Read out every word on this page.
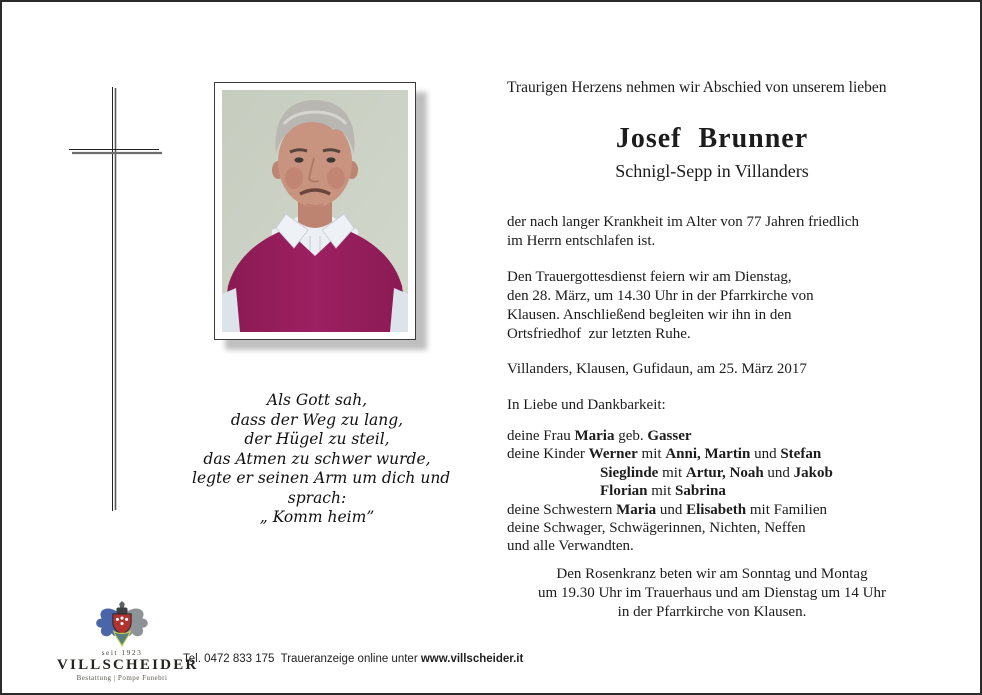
Als Gott sah,
dass der Weg zu lang,
der Hügel zu steil,
das Atmen zu schwer wurde,
legte er seinen Arm um dich und
sprach:
„ Komm heim”
Traurigen Herzens nehmen wir Abschied von unserem lieben
Josef Brunner
Schnigl-Sepp in Villanders
der nach langer Krankheit im Alter von 77 Jahren friedlich
im Herrn entschlafen ist.
Den Trauergottesdienst feiern wir am Dienstag,
den 28. März, um 14.30 Uhr in der Pfarrkirche von
Klausen. Anschließend begleiten wir ihn in den
Ortsfriedhof  zur letzten Ruhe.
Villanders, Klausen, Gufidaun, am 25. März 2017
In Liebe und Dankbarkeit:
deine Frau Maria geb. Gasser
deine Kinder Werner mit Anni, Martin und Stefan
Sieglinde mit Artur, Noah und Jakob
Florian mit Sabrina
deine Schwestern Maria und Elisabeth mit Familien
deine Schwager, Schwägerinnen, Nichten, Neffen
und alle Verwandten.
Den Rosenkranz beten wir am Sonntag und Montag
um 19.30 Uhr im Trauerhaus und am Dienstag um 14 Uhr
in der Pfarrkirche von Klausen.
seit 1923
VILLSCHEIDER
Bestattung | Pompe Funebri
Tel. 0472 833 175  Traueranzeige online unter www.villscheider.it
